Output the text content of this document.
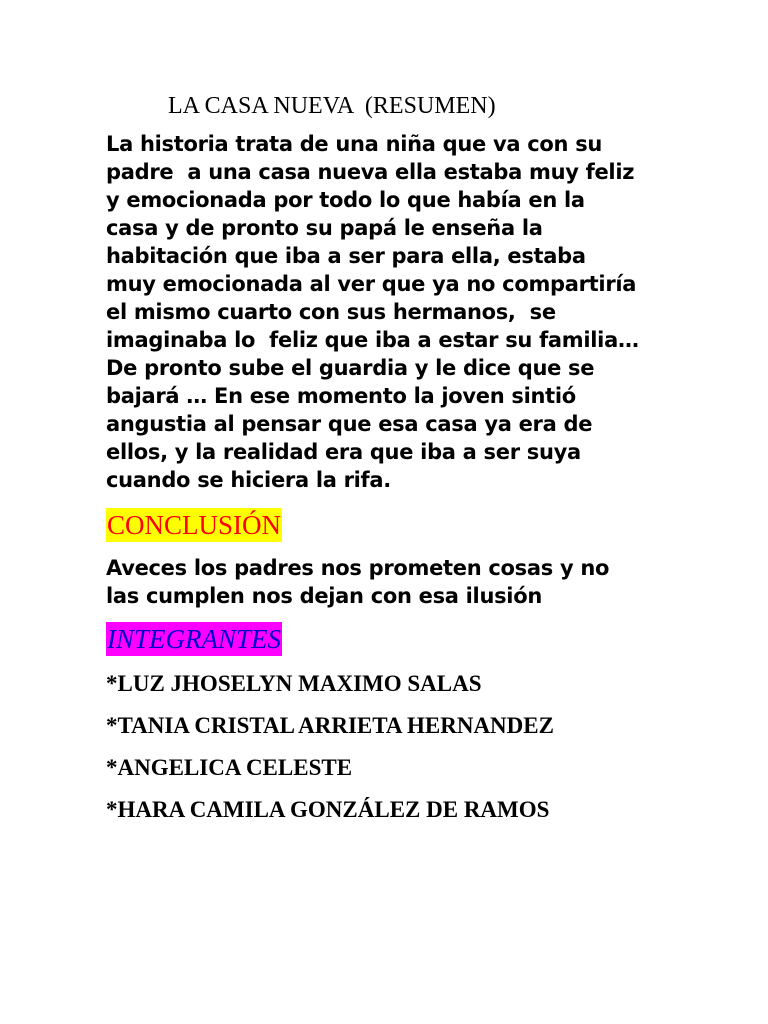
LA CASA NUEVA  (RESUMEN)

La historia trata de una niña que va con su
padre  a una casa nueva ella estaba muy feliz
y emocionada por todo lo que había en la
casa y de pronto su papá le enseña la
habitación que iba a ser para ella, estaba
muy emocionada al ver que ya no compartiría
el mismo cuarto con sus hermanos,  se
imaginaba lo  feliz que iba a estar su familia…
De pronto sube el guardia y le dice que se
bajará … En ese momento la joven sintió
angustia al pensar que esa casa ya era de
ellos, y la realidad era que iba a ser suya
cuando se hiciera la rifa.

CONCLUSIÓN
Aveces los padres nos prometen cosas y no
las cumplen nos dejan con esa ilusión
INTEGRANTES
*LUZ JHOSELYN MAXIMO SALAS
*TANIA CRISTAL ARRIETA HERNANDEZ
*ANGELICA CELESTE
*HARA CAMILA GONZÁLEZ DE RAMOS
